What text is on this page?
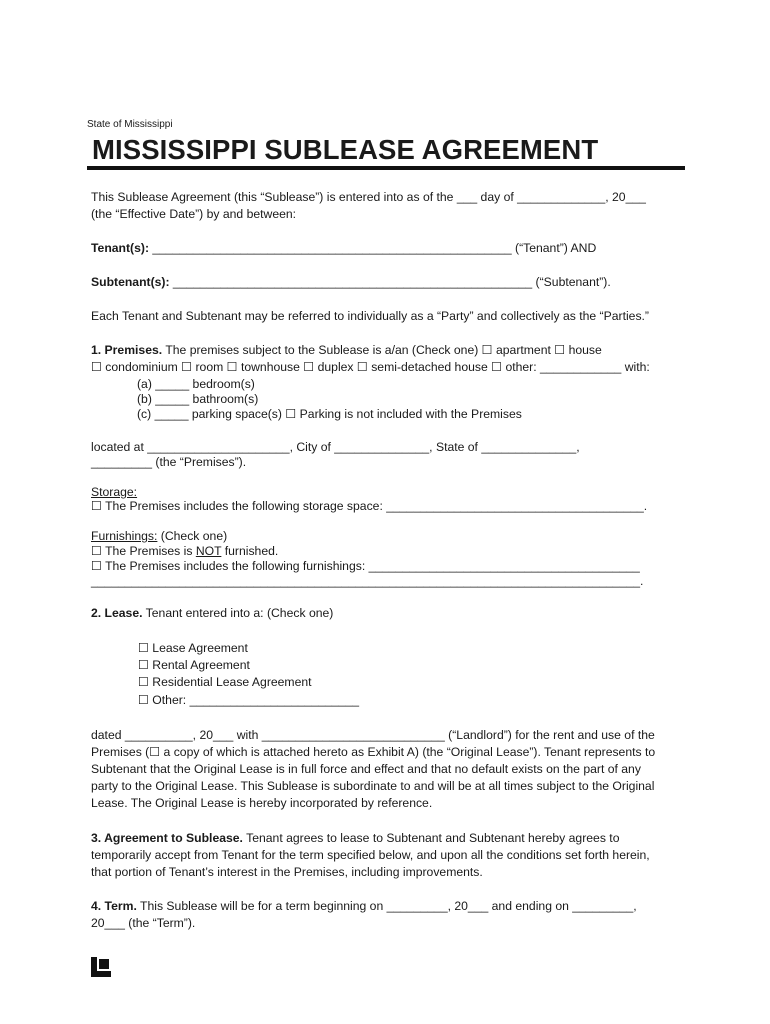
State of Mississippi
MISSISSIPPI SUBLEASE AGREEMENT
This Sublease Agreement (this “Sublease”) is entered into as of the ___ day of _____________, 20___
(the “Effective Date”) by and between:
Tenant(s): _____________________________________________________ (“Tenant”) AND
Subtenant(s): _____________________________________________________ (“Subtenant”).
Each Tenant and Subtenant may be referred to individually as a “Party” and collectively as the “Parties.”
1. Premises. The premises subject to the Sublease is a/an (Check one) ☐ apartment ☐ house
☐ condominium ☐ room ☐ townhouse ☐ duplex ☐ semi-detached house ☐ other: ____________ with:
(a) _____ bedroom(s)
(b) _____ bathroom(s)
(c) _____ parking space(s) ☐ Parking is not included with the Premises
located at _____________________, City of ______________, State of ______________,
_________ (the “Premises”).
Storage:
☐ The Premises includes the following storage space: ______________________________________.
Furnishings: (Check one)
☐ The Premises is NOT furnished.
☐ The Premises includes the following furnishings: ________________________________________
_________________________________________________________________________________.
2. Lease. Tenant entered into a: (Check one)
☐ Lease Agreement
☐ Rental Agreement
☐ Residential Lease Agreement
☐ Other: _________________________
dated __________, 20___ with ___________________________ (“Landlord”) for the rent and use of the
Premises (☐ a copy of which is attached hereto as Exhibit A) (the “Original Lease”). Tenant represents to
Subtenant that the Original Lease is in full force and effect and that no default exists on the part of any
party to the Original Lease. This Sublease is subordinate to and will be at all times subject to the Original
Lease. The Original Lease is hereby incorporated by reference.
3. Agreement to Sublease. Tenant agrees to lease to Subtenant and Subtenant hereby agrees to
temporarily accept from Tenant for the term specified below, and upon all the conditions set forth herein,
that portion of Tenant’s interest in the Premises, including improvements.
4. Term. This Sublease will be for a term beginning on _________, 20___ and ending on _________,
20___ (the “Term”).
